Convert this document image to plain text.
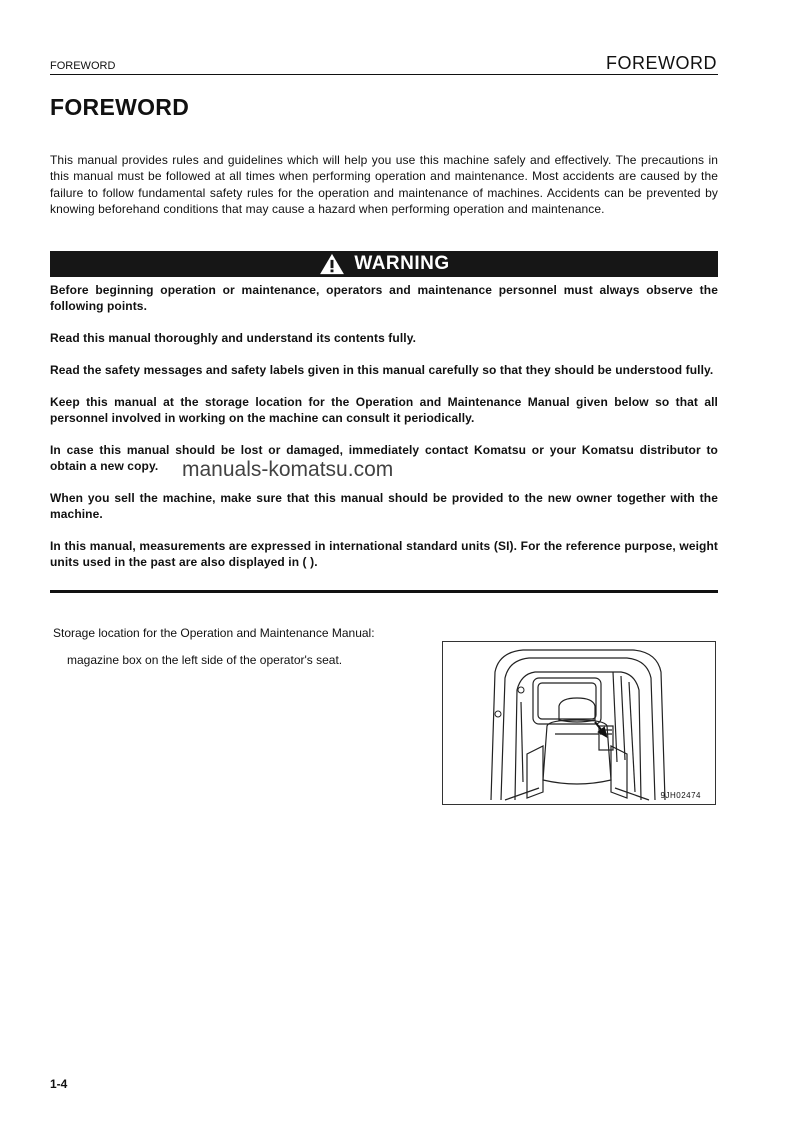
FOREWORD	FOREWORD
FOREWORD

This manual provides rules and guidelines which will help you use this machine safely and effectively. The precautions in this manual must be followed at all times when performing operation and maintenance. Most accidents are caused by the failure to follow fundamental safety rules for the operation and maintenance of machines. Accidents can be prevented by knowing beforehand conditions that may cause a hazard when performing operation and maintenance.

WARNING

Before beginning operation or maintenance, operators and maintenance personnel must always observe the following points.

Read this manual thoroughly and understand its contents fully.

Read the safety messages and safety labels given in this manual carefully so that they should be understood fully.

Keep this manual at the storage location for the Operation and Maintenance Manual given below so that all personnel involved in working on the machine can consult it periodically.

In case this manual should be lost or damaged, immediately contact Komatsu or your Komatsu distributor to obtain a new copy.

When you sell the machine, make sure that this manual should be provided to the new owner together with the machine.

In this manual, measurements are expressed in international standard units (SI). For the reference purpose, weight units used in the past are also displayed in ( ).

Storage location for the Operation and Maintenance Manual:
magazine box on the left side of the operator's seat.
9JH02474
manuals-komatsu.com
1-4
